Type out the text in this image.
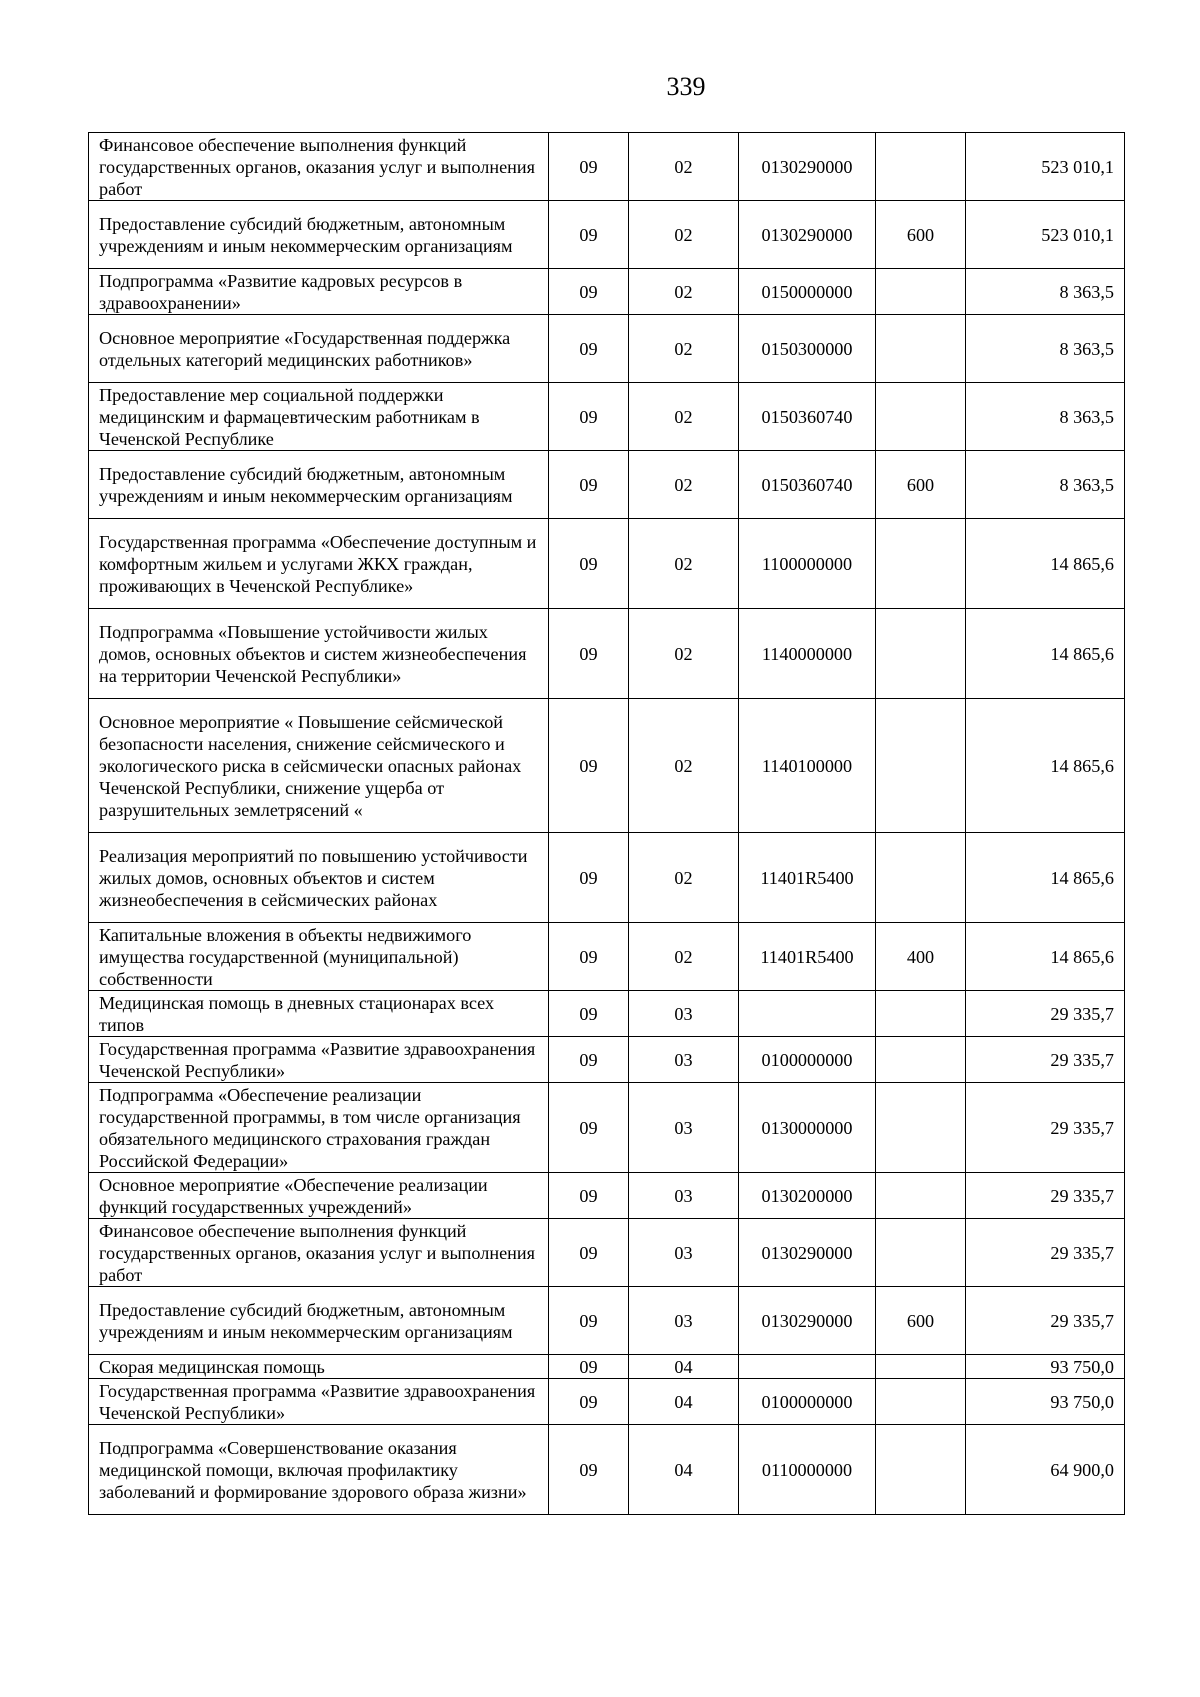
339
Финансовое обеспечение выполнения функций государственных органов, оказания услуг и выполнения работ	09	02	0130290000		523 010,1
Предоставление субсидий бюджетным, автономным учреждениям и иным некоммерческим организациям	09	02	0130290000	600	523 010,1
Подпрограмма «Развитие кадровых ресурсов в здравоохранении»	09	02	0150000000		8 363,5
Основное мероприятие «Государственная поддержка отдельных категорий медицинских работников»	09	02	0150300000		8 363,5
Предоставление мер социальной поддержки медицинским и фармацевтическим работникам в Чеченской Республике	09	02	0150360740		8 363,5
Предоставление субсидий бюджетным, автономным учреждениям и иным некоммерческим организациям	09	02	0150360740	600	8 363,5
Государственная программа «Обеспечение доступным и комфортным жильем и услугами ЖКХ граждан, проживающих в Чеченской Республике»	09	02	1100000000		14 865,6
Подпрограмма «Повышение устойчивости жилых домов, основных объектов и систем жизнеобеспечения на территории Чеченской Республики»	09	02	1140000000		14 865,6
Основное мероприятие « Повышение сейсмической безопасности населения, снижение сейсмического и экологического риска в сейсмически опасных районах Чеченской Республики, снижение ущерба от разрушительных землетрясений «	09	02	1140100000		14 865,6
Реализация мероприятий по повышению устойчивости жилых домов, основных объектов и систем жизнеобеспечения в сейсмических районах	09	02	11401R5400		14 865,6
Капитальные вложения в объекты недвижимого имущества государственной (муниципальной) собственности	09	02	11401R5400	400	14 865,6
Медицинская помощь в дневных стационарах всех типов	09	03			29 335,7
Государственная программа «Развитие здравоохранения Чеченской Республики»	09	03	0100000000		29 335,7
Подпрограмма «Обеспечение реализации государственной программы, в том числе организация обязательного медицинского страхования граждан Российской Федерации»	09	03	0130000000		29 335,7
Основное мероприятие «Обеспечение реализации функций государственных учреждений»	09	03	0130200000		29 335,7
Финансовое обеспечение выполнения функций государственных органов, оказания услуг и выполнения работ	09	03	0130290000		29 335,7
Предоставление субсидий бюджетным, автономным учреждениям и иным некоммерческим организациям	09	03	0130290000	600	29 335,7
Скорая медицинская помощь	09	04			93 750,0
Государственная программа «Развитие здравоохранения Чеченской Республики»	09	04	0100000000		93 750,0
Подпрограмма «Совершенствование оказания медицинской помощи, включая профилактику заболеваний и формирование здорового образа жизни»	09	04	0110000000		64 900,0
